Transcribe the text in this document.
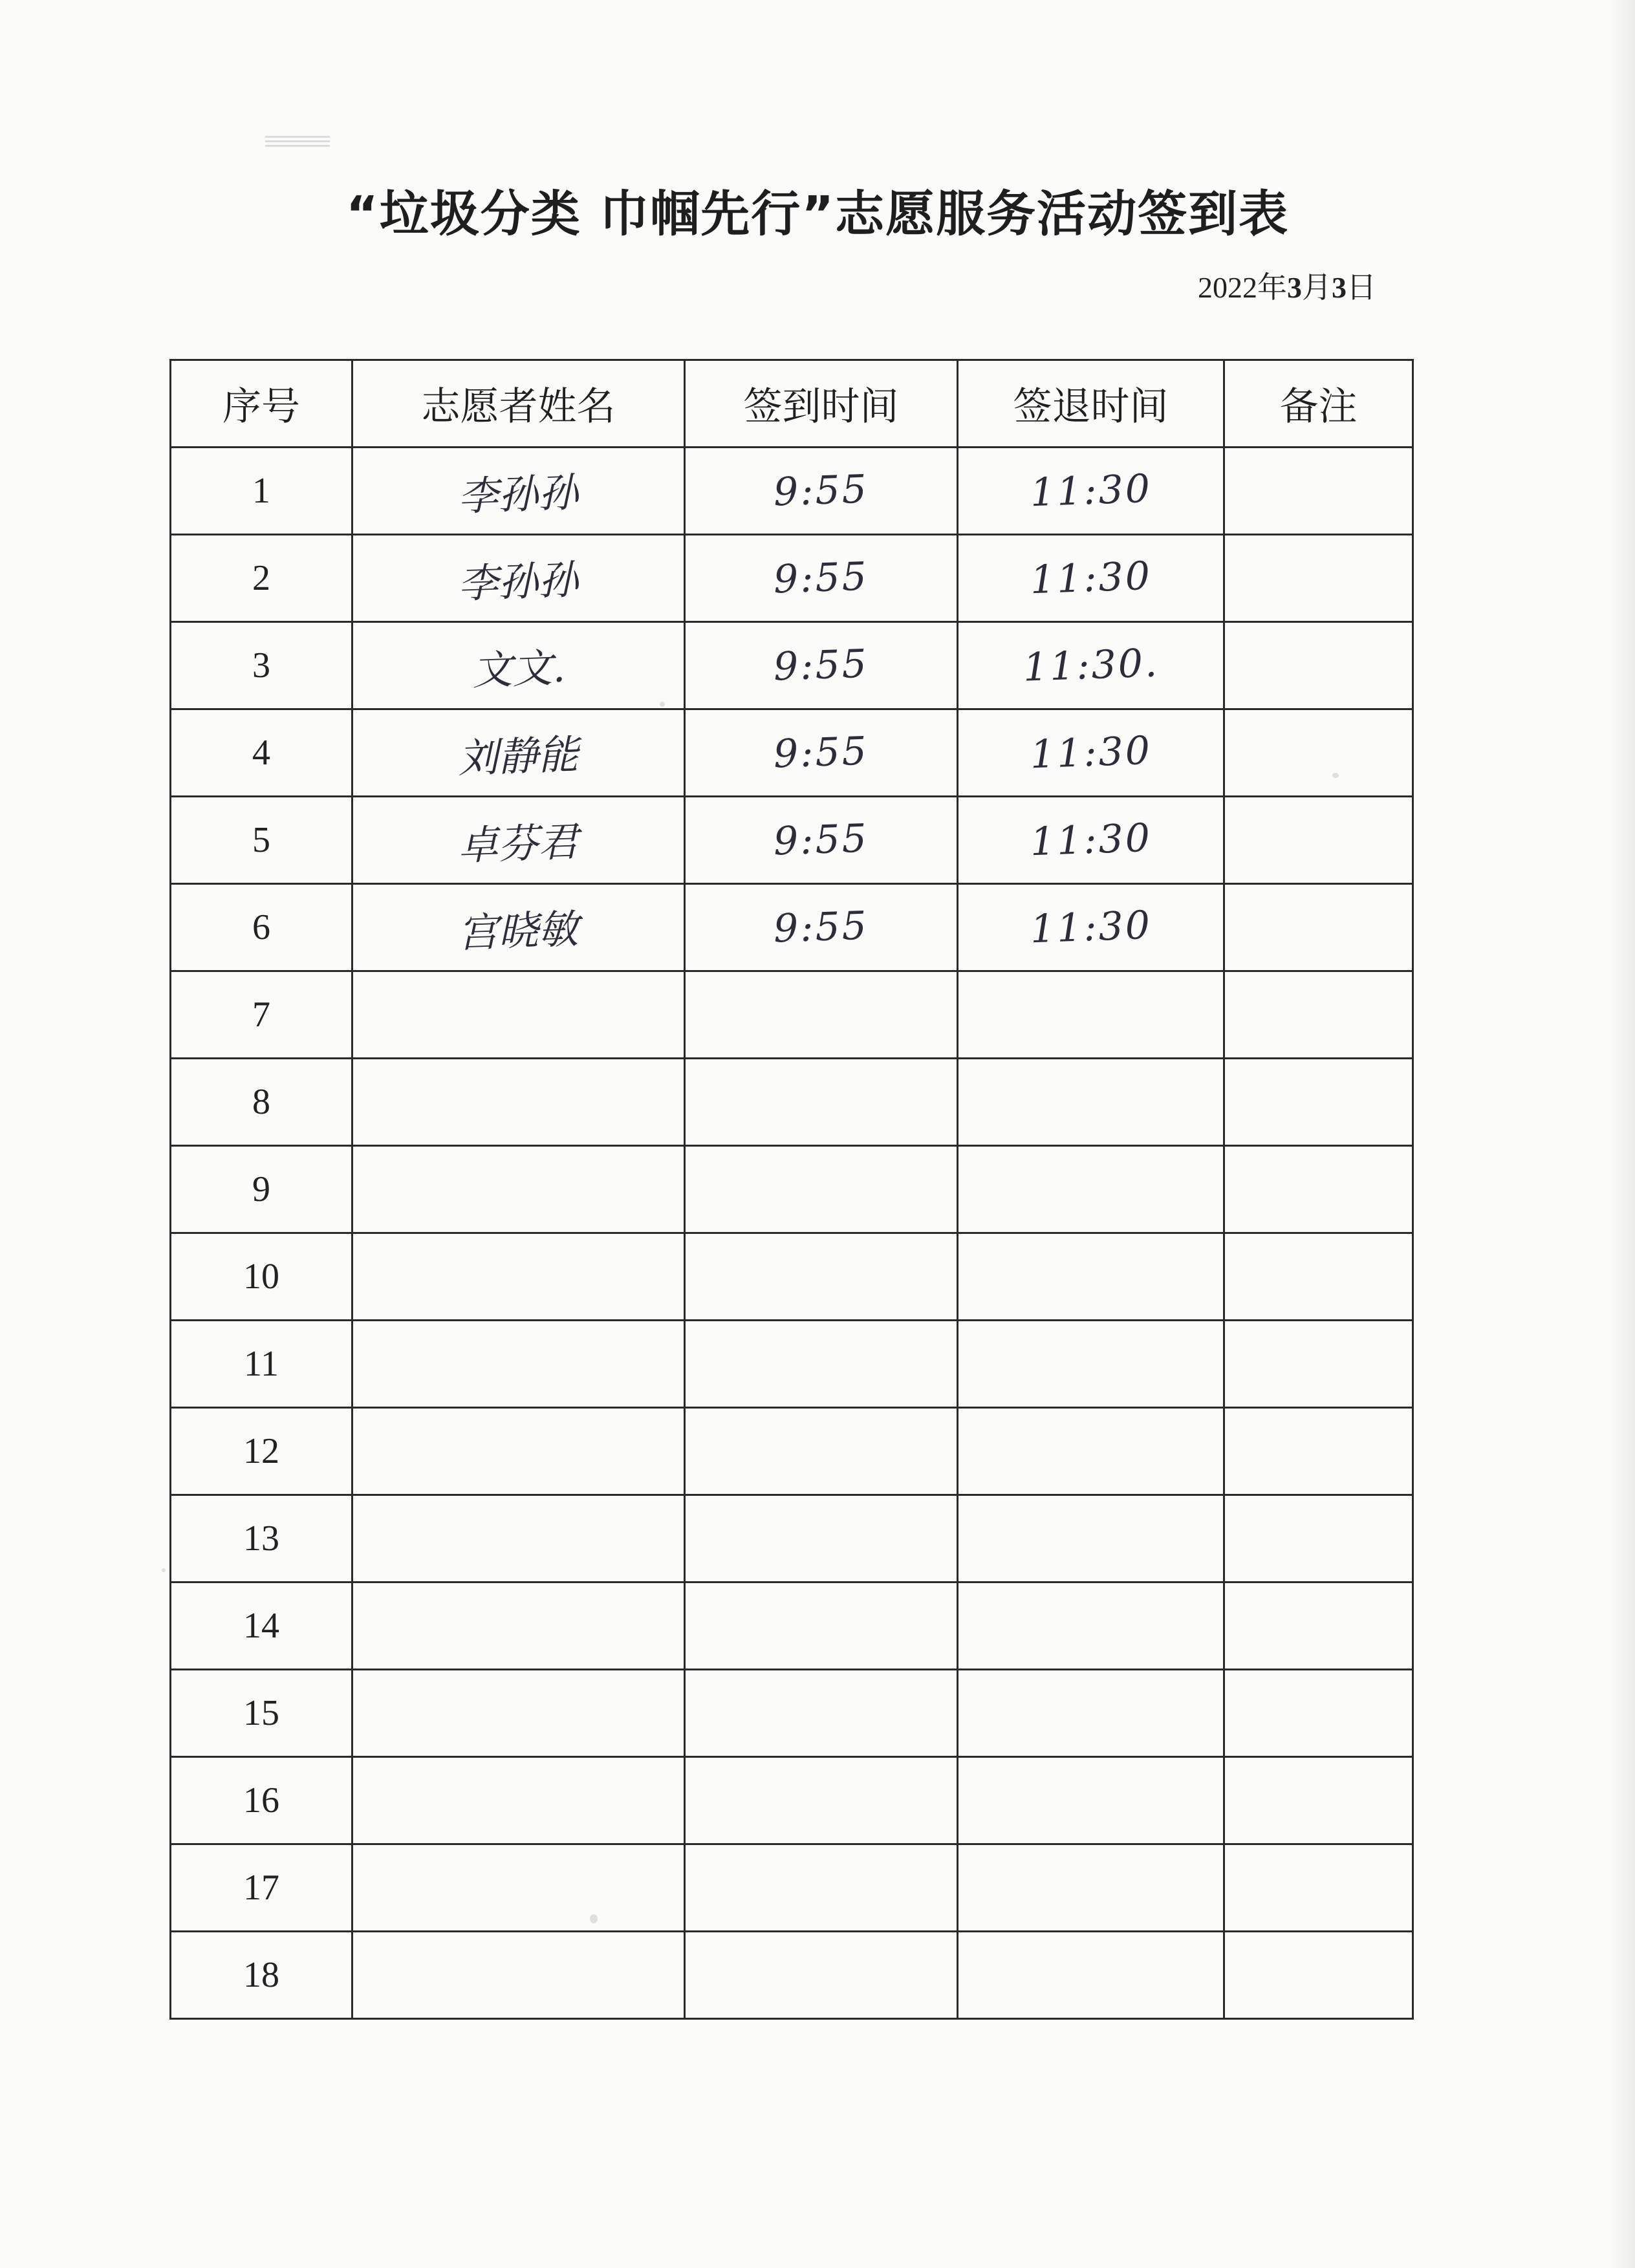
“垃圾分类 巾帼先行”志愿服务活动签到表
2022年3月3日
序号	志愿者姓名	签到时间	签退时间	备注
1	李孙孙	9:55	11:30	
2	李孙孙	9:55	11:30	
3	文文.	9:55	11:30.	
4	刘静能	9:55	11:30	
5	卓芬君	9:55	11:30	
6	宫晓敏	9:55	11:30	
7				
8				
9				
10				
11				
12				
13				
14				
15				
16				
17				
18				
